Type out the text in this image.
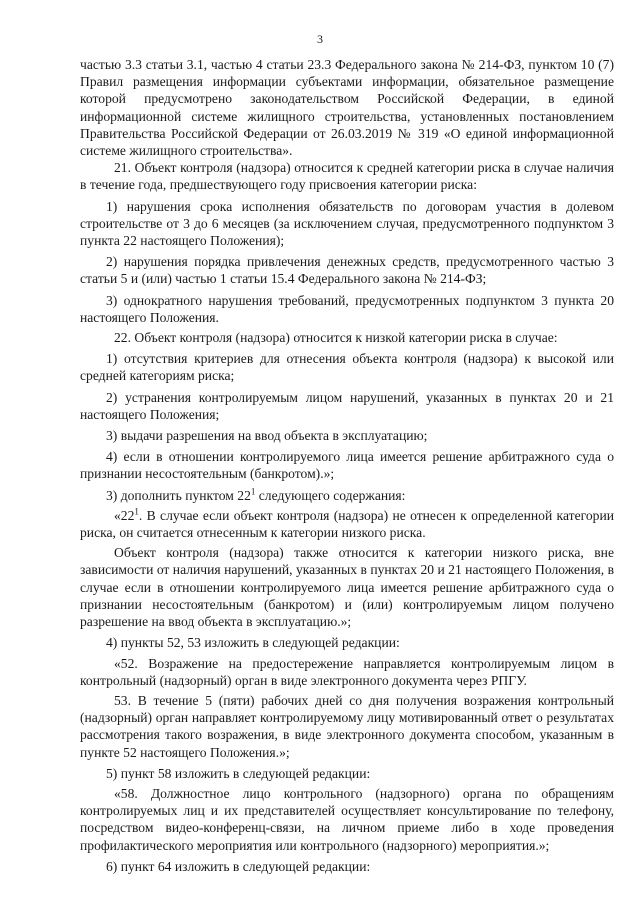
3

частью 3.3 статьи 3.1, частью 4 статьи 23.3 Федерального закона № 214-ФЗ, пунктом 10 (7) Правил размещения информации субъектами информации, обязательное размещение которой предусмотрено законодательством Российской Федерации, в единой информационной системе жилищного строительства, установленных постановлением Правительства Российской Федерации от 26.03.2019 № 319 «О единой информационной системе жилищного строительства».

21. Объект контроля (надзора) относится к средней категории риска в случае наличия в течение года, предшествующего году присвоения категории риска:

1) нарушения срока исполнения обязательств по договорам участия в долевом строительстве от 3 до 6 месяцев (за исключением случая, предусмотренного подпунктом 3 пункта 22 настоящего Положения);

2) нарушения порядка привлечения денежных средств, предусмотренного частью 3 статьи 5 и (или) частью 1 статьи 15.4 Федерального закона № 214-ФЗ;

3) однократного нарушения требований, предусмотренных подпунктом 3 пункта 20 настоящего Положения.

22. Объект контроля (надзора) относится к низкой категории риска в случае:

1) отсутствия критериев для отнесения объекта контроля (надзора) к высокой или средней категориям риска;

2) устранения контролируемым лицом нарушений, указанных в пунктах 20 и 21 настоящего Положения;

3) выдачи разрешения на ввод объекта в эксплуатацию;

4) если в отношении контролируемого лица имеется решение арбитражного суда о признании несостоятельным (банкротом).»;

3) дополнить пунктом $22^1$ следующего содержания:

«$22^1$. В случае если объект контроля (надзора) не отнесен к определенной категории риска, он считается отнесенным к категории низкого риска.

Объект контроля (надзора) также относится к категории низкого риска, вне зависимости от наличия нарушений, указанных в пунктах 20 и 21 настоящего Положения, в случае если в отношении контролируемого лица имеется решение арбитражного суда о признании несостоятельным (банкротом) и (или) контролируемым лицом получено разрешение на ввод объекта в эксплуатацию.»;

4) пункты 52, 53 изложить в следующей редакции:

«52. Возражение на предостережение направляется контролируемым лицом в контрольный (надзорный) орган в виде электронного документа через РПГУ.

53. В течение 5 (пяти) рабочих дней со дня получения возражения контрольный (надзорный) орган направляет контролируемому лицу мотивированный ответ о результатах рассмотрения такого возражения, в виде электронного документа способом, указанным в пункте 52 настоящего Положения.»;

5) пункт 58 изложить в следующей редакции:

«58. Должностное лицо контрольного (надзорного) органа по обращениям контролируемых лиц и их представителей осуществляет консультирование по телефону, посредством видео-конференц-связи, на личном приеме либо в ходе проведения профилактического мероприятия или контрольного (надзорного) мероприятия.»;

6) пункт 64 изложить в следующей редакции:
